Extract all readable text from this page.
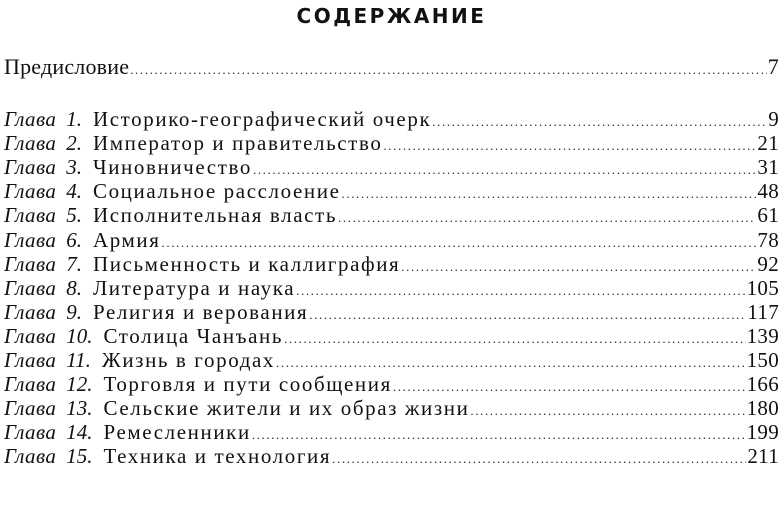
СОДЕРЖАНИЕ
Предисловие .....	7
Глава 1. Историко-географический очерк .....	9
Глава 2. Император и правительство .....	21
Глава 3. Чиновничество .....	31
Глава 4. Социальное расслоение .....	48
Глава 5. Исполнительная власть .....	61
Глава 6. Армия .....	78
Глава 7. Письменность и каллиграфия .....	92
Глава 8. Литература и наука .....	105
Глава 9. Религия и верования .....	117
Глава 10. Столица Чанъань .....	139
Глава 11. Жизнь в городах .....	150
Глава 12. Торговля и пути сообщения .....	166
Глава 13. Сельские жители и их образ жизни .....	180
Глава 14. Ремесленники .....	199
Глава 15. Техника и технология .....	211
